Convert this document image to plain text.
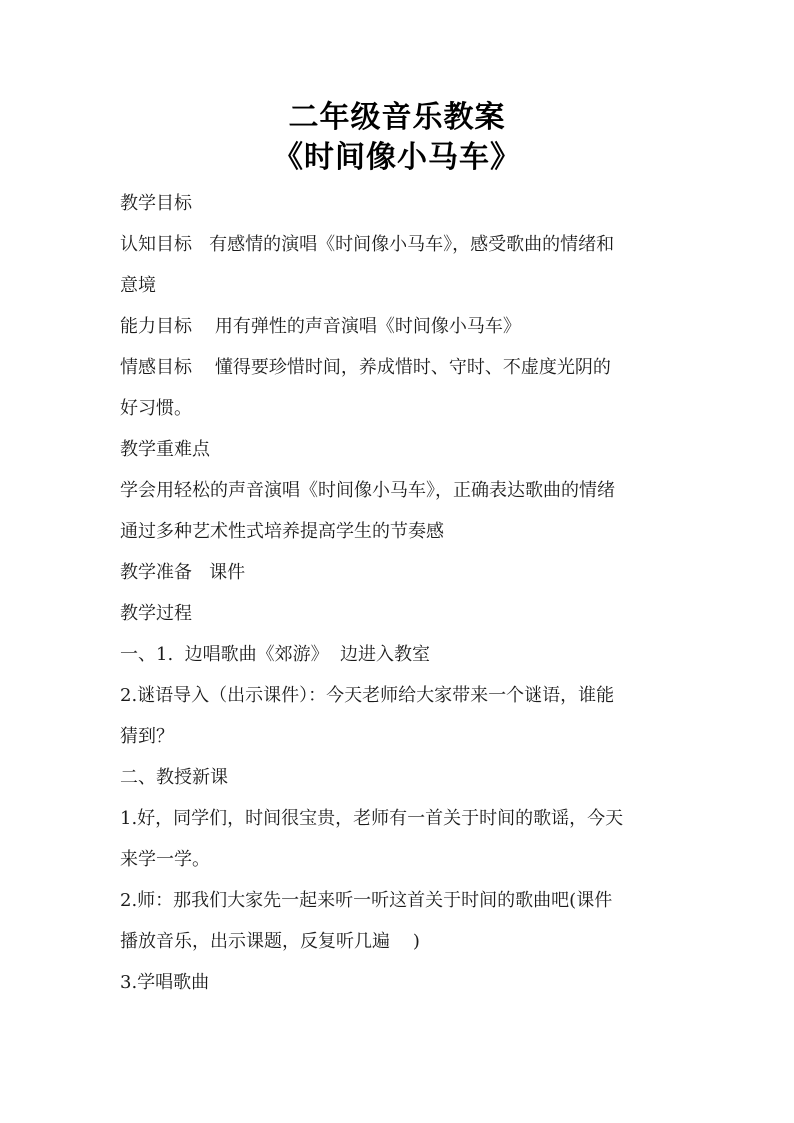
二年级音乐教案
《时间像小马车》
教学目标
认知目标   有感情的演唱《时间像小马车》，感受歌曲的情绪和
意境
能力目标    用有弹性的声音演唱《时间像小马车》
情感目标    懂得要珍惜时间，养成惜时、守时、不虚度光阴的
好习惯。
教学重难点
学会用轻松的声音演唱《时间像小马车》，正确表达歌曲的情绪
通过多种艺术性式培养提高学生的节奏感
教学准备   课件
教学过程
一、1.  边唱歌曲《郊游》  边进入教室
2.谜语导入（出示课件）：今天老师给大家带来一个谜语，谁能
猜到？
二、教授新课
1.好，同学们，时间很宝贵，老师有一首关于时间的歌谣，今天
来学一学。
2.师：那我们大家先一起来听一听这首关于时间的歌曲吧(课件
播放音乐，出示课题，反复听几遍    )
3.学唱歌曲
